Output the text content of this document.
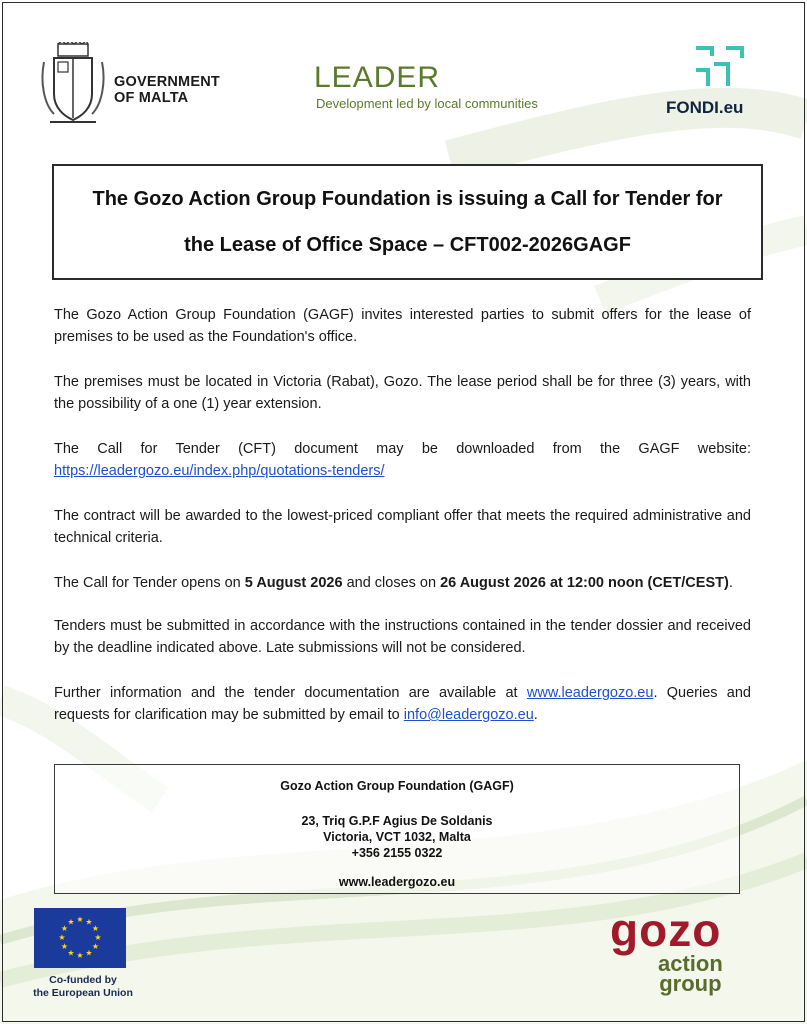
GOVERNMENT
OF MALTA
LEADER
Development led by local communities	FONDI.eu
The Gozo Action Group Foundation is issuing a Call for Tender for
the Lease of Office Space – CFT002-2026GAGF

The Gozo Action Group Foundation (GAGF) invites interested parties to submit offers for the lease of premises to be used as the Foundation's office.

The premises must be located in Victoria (Rabat), Gozo. The lease period shall be for three (3) years, with the possibility of a one (1) year extension.

The Call for Tender (CFT) document may be downloaded from the GAGF website: https://leadergozo.eu/index.php/quotations-tenders/

The contract will be awarded to the lowest-priced compliant offer that meets the required administrative and technical criteria.

The Call for Tender opens on 5 August 2026 and closes on 26 August 2026 at 12:00 noon (CET/CEST).

Tenders must be submitted in accordance with the instructions contained in the tender dossier and received by the deadline indicated above. Late submissions will not be considered.

Further information and the tender documentation are available at www.leadergozo.eu. Queries and requests for clarification may be submitted by email to info@leadergozo.eu.

Gozo Action Group Foundation (GAGF)
23, Triq G.P.F Agius De Soldanis
Victoria, VCT 1032, Malta
+356 2155 0322
www.leadergozo.eu
★ ★
★
★
★
★
★
★
★
★
★
★
Co-funded by
the European Union
gozo
action
group
